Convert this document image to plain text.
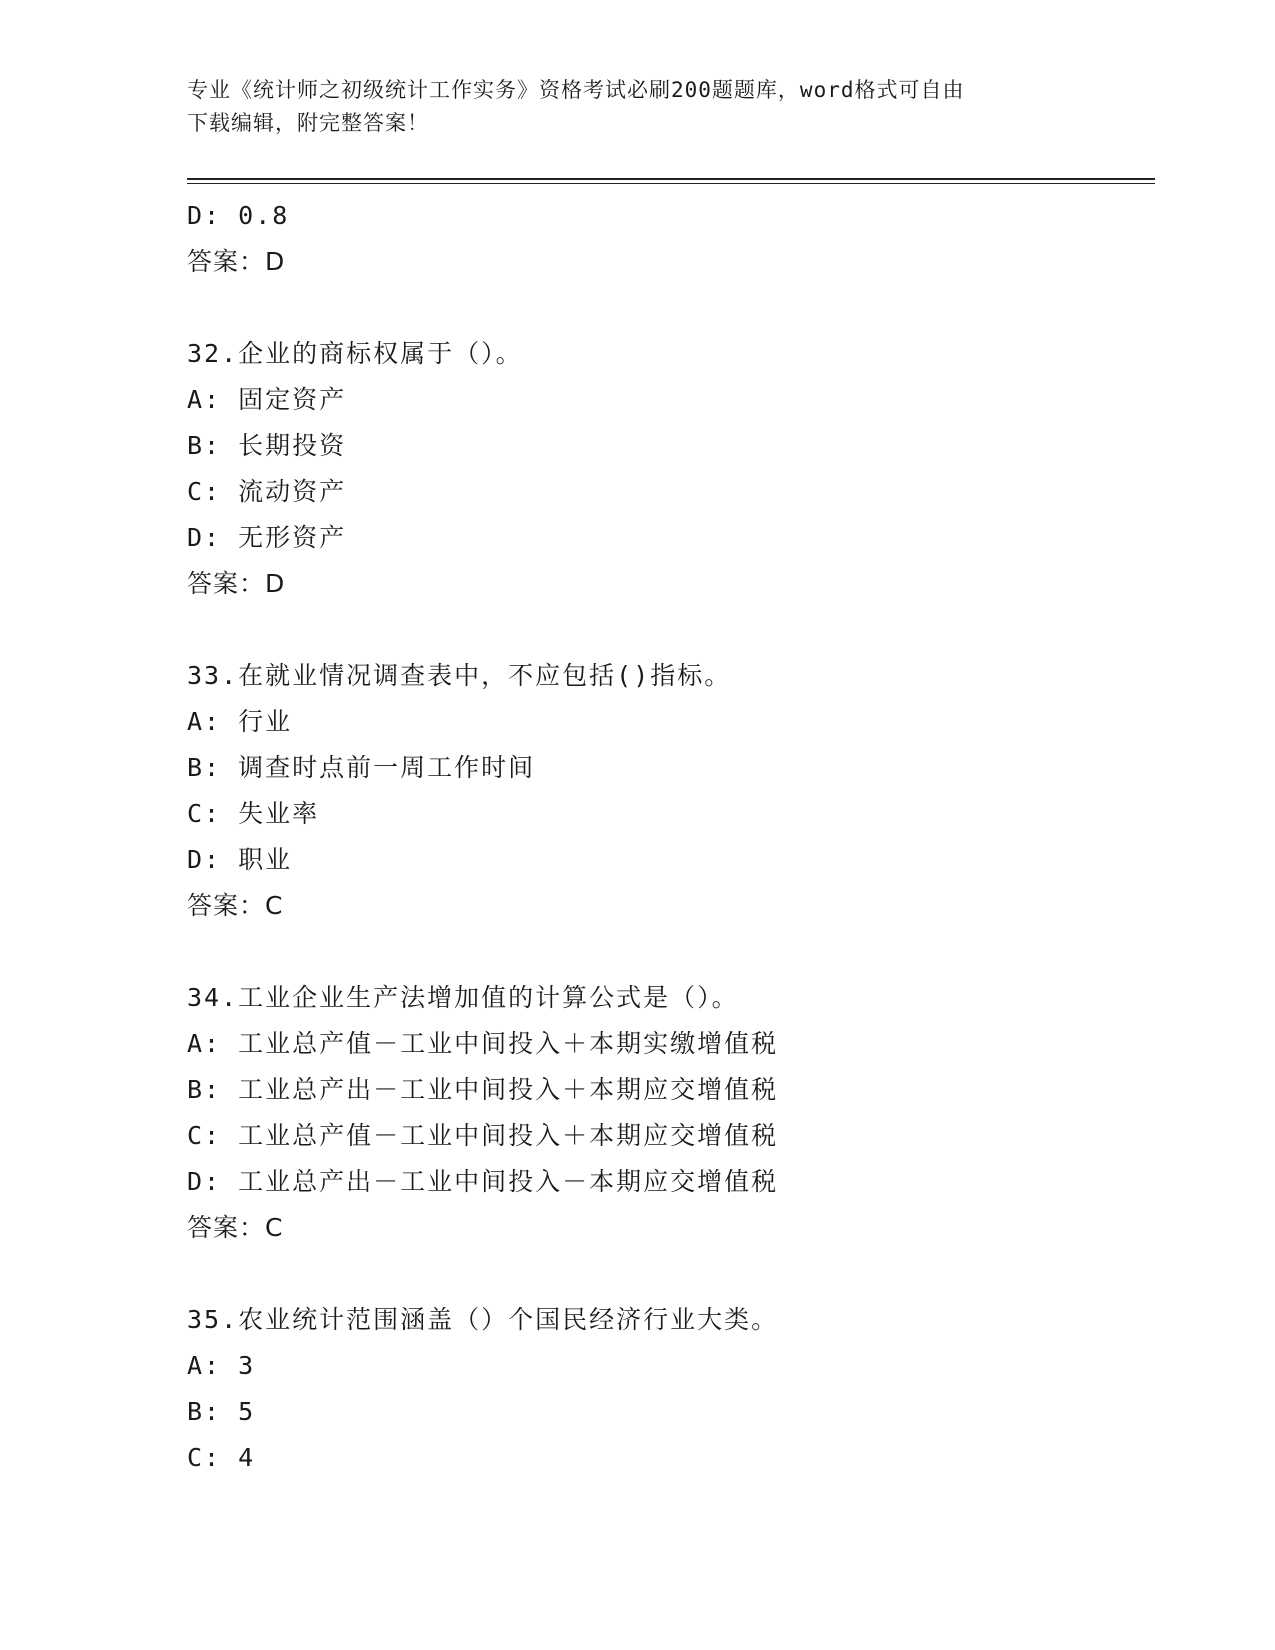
专业《统计师之初级统计工作实务》资格考试必刷200题题库，word格式可自由
下载编辑，附完整答案！
D: 0.8
答案：D
32.企业的商标权属于（）。
A: 固定资产
B: 长期投资
C: 流动资产
D: 无形资产
答案：D
33.在就业情况调查表中，不应包括()指标。
A: 行业
B: 调查时点前一周工作时间
C: 失业率
D: 职业
答案：C
34.工业企业生产法增加值的计算公式是（）。
A: 工业总产值－工业中间投入＋本期实缴增值税
B: 工业总产出－工业中间投入＋本期应交增值税
C: 工业总产值－工业中间投入＋本期应交增值税
D: 工业总产出－工业中间投入－本期应交增值税
答案：C
35.农业统计范围涵盖（）个国民经济行业大类。
A: 3
B: 5
C: 4
